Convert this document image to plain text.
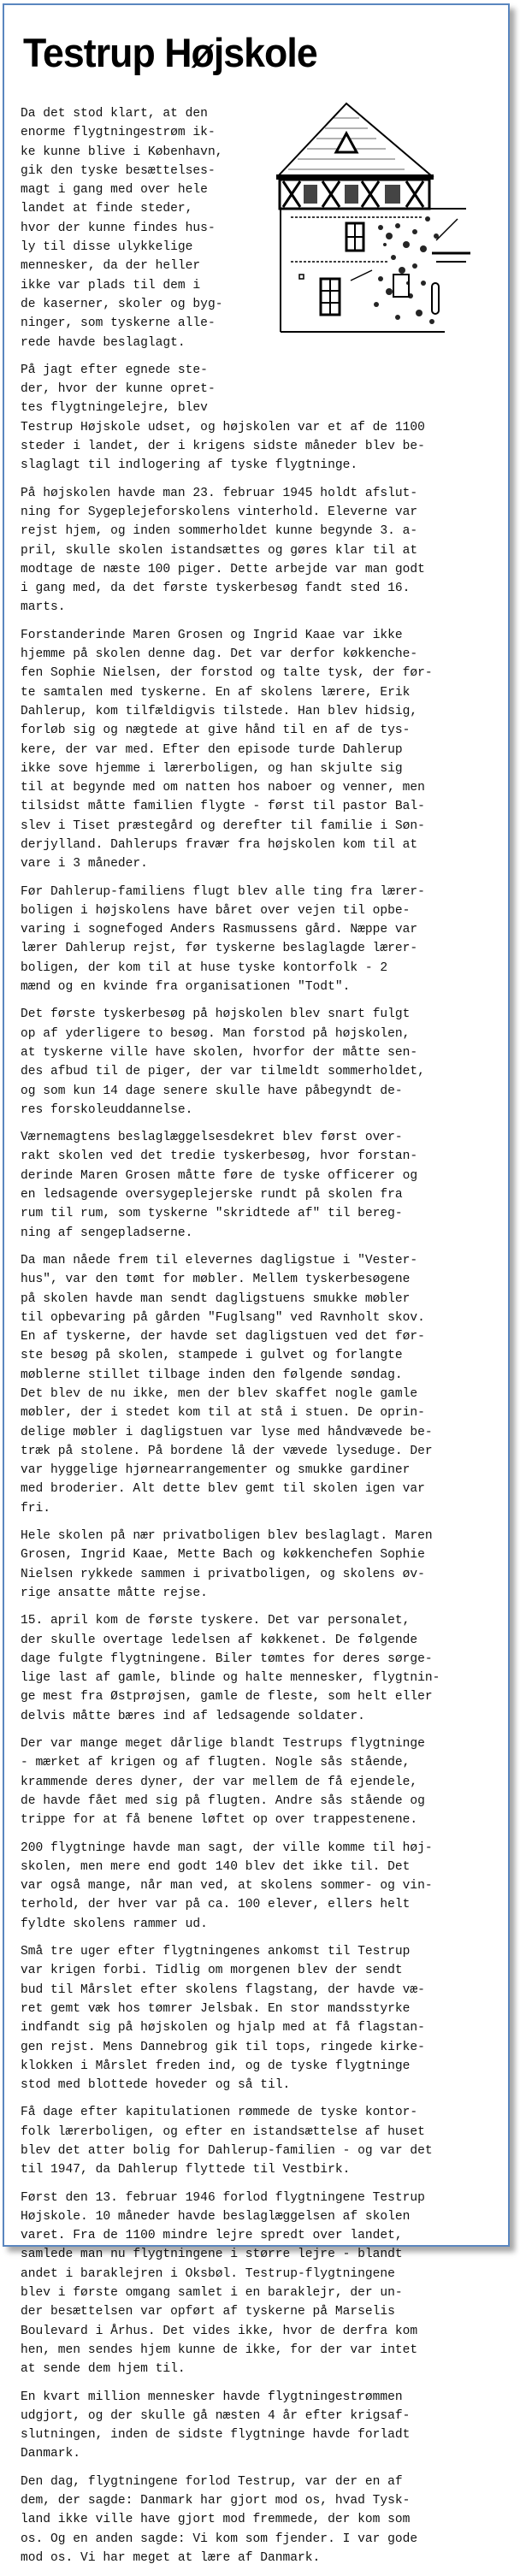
Testrup Højskole

Da det stod klart, at den
enorme flygtningestrøm ik-
ke kunne blive i København,
gik den tyske besættelses-
magt i gang med over hele
landet at finde steder,
hvor der kunne findes hus-
ly til disse ulykkelige
mennesker, da der heller
ikke var plads til dem i
de kaserner, skoler og byg-
ninger, som tyskerne alle-
rede havde beslaglagt.

På jagt efter egnede ste-
der, hvor der kunne opret-
tes flygtningelejre, blev
Testrup Højskole udset, og højskolen var et af de 1100
steder i landet, der i krigens sidste måneder blev be-
slaglagt til indlogering af tyske flygtninge.

På højskolen havde man 23. februar 1945 holdt afslut-
ning for Sygeplejeforskolens vinterhold. Eleverne var
rejst hjem, og inden sommerholdet kunne begynde 3. a-
pril, skulle skolen istandsættes og gøres klar til at
modtage de næste 100 piger. Dette arbejde var man godt
i gang med, da det første tyskerbesøg fandt sted 16.
marts.

Forstanderinde Maren Grosen og Ingrid Kaae var ikke
hjemme på skolen denne dag. Det var derfor køkkenche-
fen Sophie Nielsen, der forstod og talte tysk, der før-
te samtalen med tyskerne. En af skolens lærere, Erik
Dahlerup, kom tilfældigvis tilstede. Han blev hidsig,
forløb sig og nægtede at give hånd til en af de tys-
kere, der var med. Efter den episode turde Dahlerup
ikke sove hjemme i lærerboligen, og han skjulte sig
til at begynde med om natten hos naboer og venner, men
tilsidst måtte familien flygte - først til pastor Bal-
slev i Tiset præstegård og derefter til familie i Søn-
derjylland. Dahlerups fravær fra højskolen kom til at
vare i 3 måneder.

Før Dahlerup-familiens flugt blev alle ting fra lærer-
boligen i højskolens have båret over vejen til opbe-
varing i sognefoged Anders Rasmussens gård. Næppe var
lærer Dahlerup rejst, før tyskerne beslaglagde lærer-
boligen, der kom til at huse tyske kontorfolk - 2
mænd og en kvinde fra organisationen "Todt".

Det første tyskerbesøg på højskolen blev snart fulgt
op af yderligere to besøg. Man forstod på højskolen,
at tyskerne ville have skolen, hvorfor der måtte sen-
des afbud til de piger, der var tilmeldt sommerholdet,
og som kun 14 dage senere skulle have påbegyndt de-
res forskoleuddannelse.

Værnemagtens beslaglæggelsesdekret blev først over-
rakt skolen ved det tredie tyskerbesøg, hvor forstan-
derinde Maren Grosen måtte føre de tyske officerer og
en ledsagende oversygeplejerske rundt på skolen fra
rum til rum, som tyskerne "skridtede af" til bereg-
ning af sengepladserne.

Da man nåede frem til elevernes dagligstue i "Vester-
hus", var den tømt for møbler. Mellem tyskerbesøgene
på skolen havde man sendt dagligstuens smukke møbler
til opbevaring på gården "Fuglsang" ved Ravnholt skov.
En af tyskerne, der havde set dagligstuen ved det før-
ste besøg på skolen, stampede i gulvet og forlangte
møblerne stillet tilbage inden den følgende søndag.
Det blev de nu ikke, men der blev skaffet nogle gamle
møbler, der i stedet kom til at stå i stuen. De oprin-
delige møbler i dagligstuen var lyse med håndvævede be-
træk på stolene. På bordene lå der vævede lyseduge. Der
var hyggelige hjørnearrangementer og smukke gardiner
med broderier. Alt dette blev gemt til skolen igen var
fri.

Hele skolen på nær privatboligen blev beslaglagt. Maren
Grosen, Ingrid Kaae, Mette Bach og køkkenchefen Sophie
Nielsen rykkede sammen i privatboligen, og skolens øv-
rige ansatte måtte rejse.

15. april kom de første tyskere. Det var personalet,
der skulle overtage ledelsen af køkkenet. De følgende
dage fulgte flygtningene. Biler tømtes for deres sørge-
lige last af gamle, blinde og halte mennesker, flygtnin-
ge mest fra Østprøjsen, gamle de fleste, som helt eller
delvis måtte bæres ind af ledsagende soldater.

Der var mange meget dårlige blandt Testrups flygtninge
- mærket af krigen og af flugten. Nogle sås stående,
krammende deres dyner, der var mellem de få ejendele,
de havde fået med sig på flugten. Andre sås stående og
trippe for at få benene løftet op over trappestenene.

200 flygtninge havde man sagt, der ville komme til høj-
skolen, men mere end godt 140 blev det ikke til. Det
var også mange, når man ved, at skolens sommer- og vin-
terhold, der hver var på ca. 100 elever, ellers helt
fyldte skolens rammer ud.

Små tre uger efter flygtningenes ankomst til Testrup
var krigen forbi. Tidlig om morgenen blev der sendt
bud til Mårslet efter skolens flagstang, der havde væ-
ret gemt væk hos tømrer Jelsbak. En stor mandsstyrke
indfandt sig på højskolen og hjalp med at få flagstan-
gen rejst. Mens Dannebrog gik til tops, ringede kirke-
klokken i Mårslet freden ind, og de tyske flygtninge
stod med blottede hoveder og så til.

Få dage efter kapitulationen rømmede de tyske kontor-
folk lærerboligen, og efter en istandsættelse af huset
blev det atter bolig for Dahlerup-familien - og var det
til 1947, da Dahlerup flyttede til Vestbirk.

Først den 13. februar 1946 forlod flygtningene Testrup
Højskole. 10 måneder havde beslaglæggelsen af skolen
varet. Fra de 1100 mindre lejre spredt over landet,
samlede man nu flygtningene i større lejre - blandt
andet i baraklejren i Oksbøl. Testrup-flygtningene
blev i første omgang samlet i en baraklejr, der un-
der besættelsen var opført af tyskerne på Marselis
Boulevard i Århus. Det vides ikke, hvor de derfra kom
hen, men sendes hjem kunne de ikke, for der var intet
at sende dem hjem til.

En kvart million mennesker havde flygtningestrømmen
udgjort, og der skulle gå næsten 4 år efter krigsaf-
slutningen, inden de sidste flygtninge havde forladt
Danmark.

Den dag, flygtningene forlod Testrup, var der en af
dem, der sagde: Danmark har gjort mod os, hvad Tysk-
land ikke ville have gjort mod fremmede, der kom som
os. Og en anden sagde: Vi kom som fjender. I var gode
mod os. Vi har meget at lære af Danmark.
